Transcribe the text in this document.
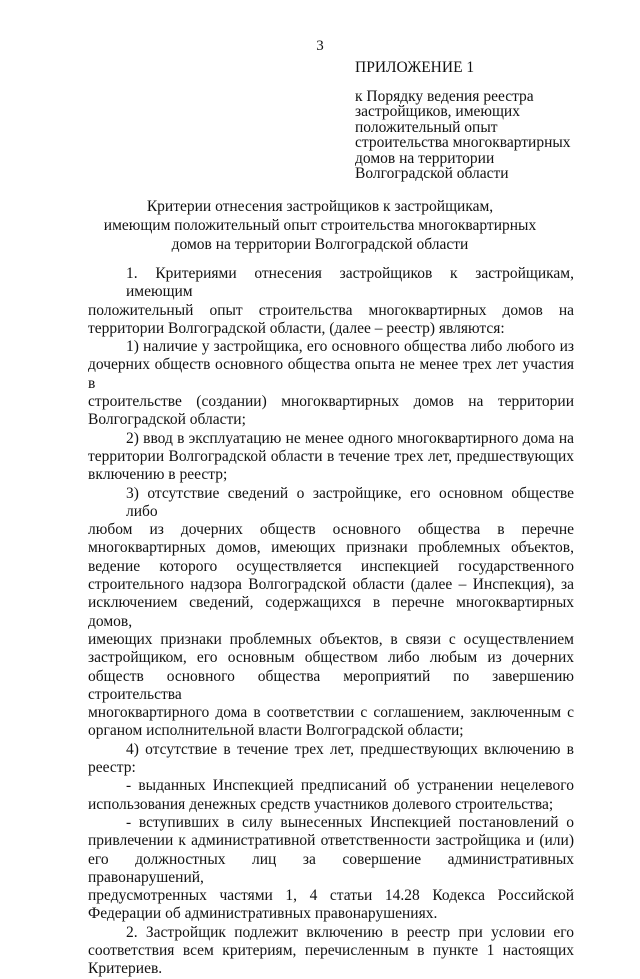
3
ПРИЛОЖЕНИЕ 1
к Порядку ведения реестра
застройщиков, имеющих
положительный опыт
строительства многоквартирных
домов на территории
Волгоградской области
Критерии отнесения застройщиков к застройщикам,
имеющим положительный опыт строительства многоквартирных
домов на территории Волгоградской области
1. Критериями отнесения застройщиков к застройщикам, имеющим
положительный опыт строительства многоквартирных домов на
территории Волгоградской области, (далее – реестр) являются:
1) наличие у застройщика, его основного общества либо любого из
дочерних обществ основного общества опыта не менее трех лет участия в
строительстве (создании) многоквартирных домов на территории
Волгоградской области;
2) ввод в эксплуатацию не менее одного многоквартирного дома на
территории Волгоградской области в течение трех лет, предшествующих
включению в реестр;
3) отсутствие сведений о застройщике, его основном обществе либо
любом из дочерних обществ основного общества в перечне
многоквартирных домов, имеющих признаки проблемных объектов,
ведение которого осуществляется инспекцией государственного
строительного надзора Волгоградской области (далее – Инспекция), за
исключением сведений, содержащихся в перечне многоквартирных домов,
имеющих признаки проблемных объектов, в связи с осуществлением
застройщиком, его основным обществом либо любым из дочерних
обществ основного общества мероприятий по завершению строительства
многоквартирного дома в соответствии с соглашением, заключенным с
органом исполнительной власти Волгоградской области;
4) отсутствие в течение трех лет, предшествующих включению в
реестр:
- выданных Инспекцией предписаний об устранении нецелевого
использования денежных средств участников долевого строительства;
- вступивших в силу вынесенных Инспекцией постановлений о
привлечении к административной ответственности застройщика и (или)
его должностных лиц за совершение административных правонарушений,
предусмотренных частями 1, 4 статьи 14.28 Кодекса Российской
Федерации об административных правонарушениях.
2. Застройщик подлежит включению в реестр при условии его
соответствия всем критериям, перечисленным в пункте 1 настоящих
Критериев.
